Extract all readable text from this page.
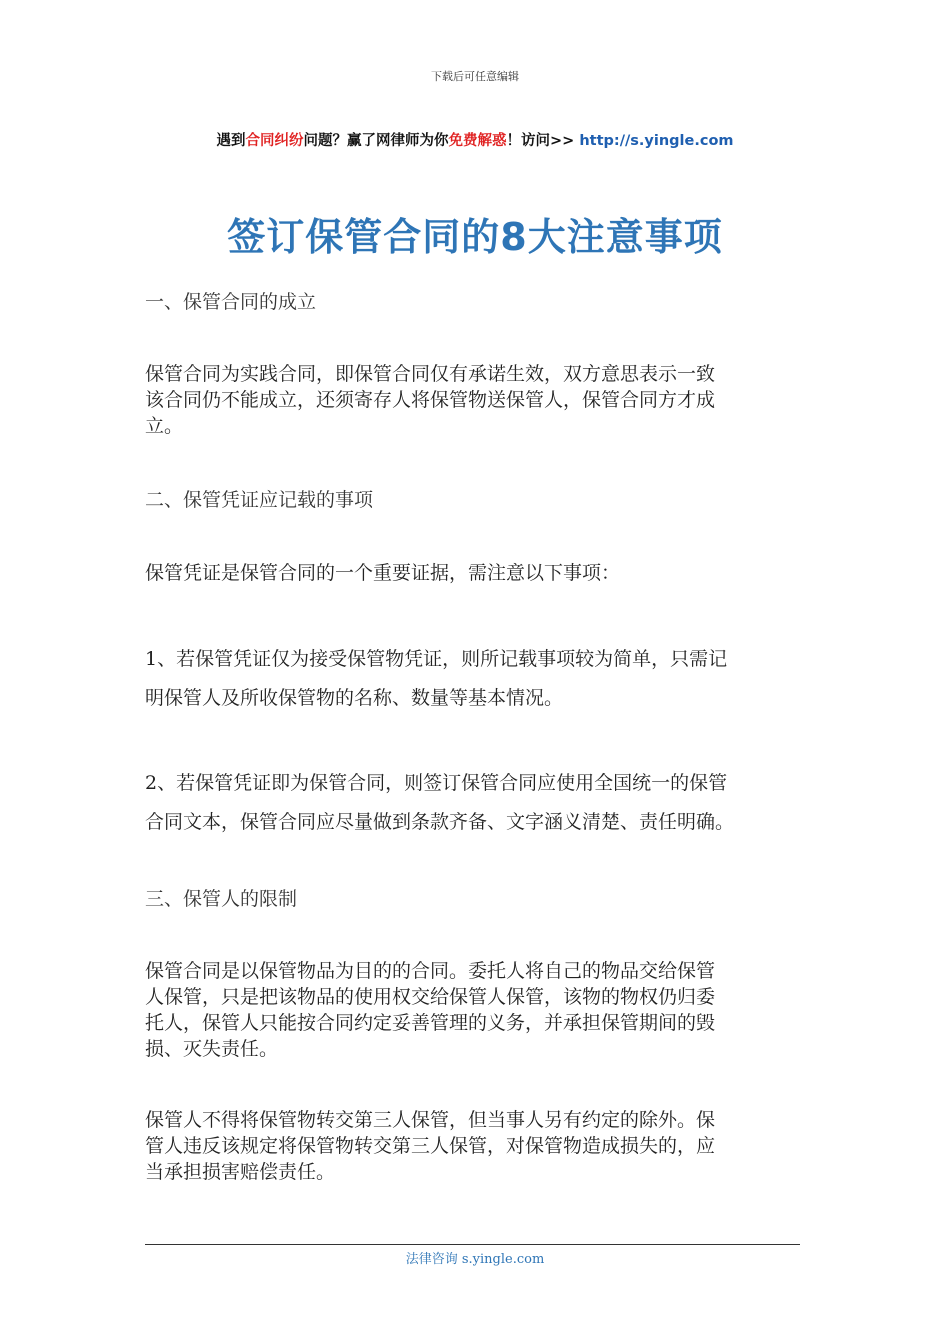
下载后可任意编辑
遇到合同纠纷问题？赢了网律师为你免费解惑！访问>> http://s.yingle.com
签订保管合同的8大注意事项
一、保管合同的成立
保管合同为实践合同，即保管合同仅有承诺生效，双方意思表示一致
该合同仍不能成立，还须寄存人将保管物送保管人，保管合同方才成
立。
二、保管凭证应记载的事项
保管凭证是保管合同的一个重要证据，需注意以下事项：
1、若保管凭证仅为接受保管物凭证，则所记载事项较为简单，只需记
明保管人及所收保管物的名称、数量等基本情况。
2、若保管凭证即为保管合同，则签订保管合同应使用全国统一的保管
合同文本，保管合同应尽量做到条款齐备、文字涵义清楚、责任明确。
三、保管人的限制
保管合同是以保管物品为目的的合同。委托人将自己的物品交给保管
人保管，只是把该物品的使用权交给保管人保管，该物的物权仍归委
托人，保管人只能按合同约定妥善管理的义务，并承担保管期间的毁
损、灭失责任。
保管人不得将保管物转交第三人保管，但当事人另有约定的除外。保
管人违反该规定将保管物转交第三人保管，对保管物造成损失的，应
当承担损害赔偿责任。
法律咨询 s.yingle.com
